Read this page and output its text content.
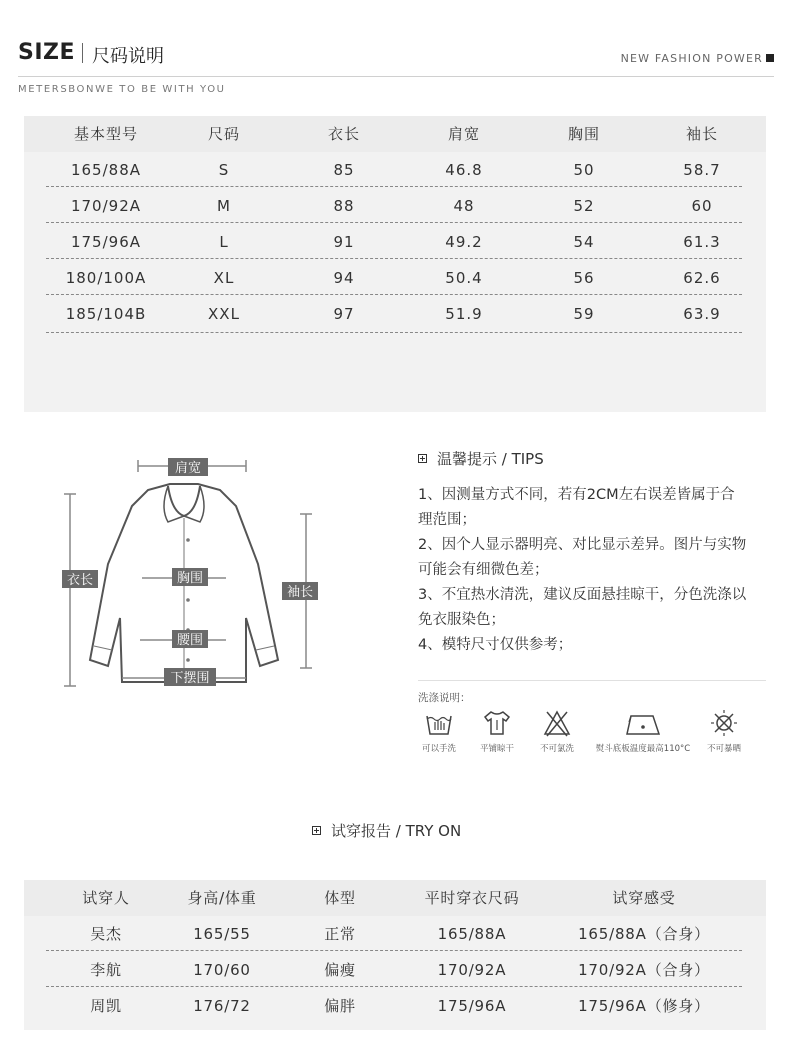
SIZE 尺码说明	NEW FASHION POWER
METERSBONWE TO BE WITH YOU
基本型号	尺码	衣长	肩宽	胸围	袖长
165/88A	S	85	46.8	50	58.7
170/92A	M	88	48	52	60
175/96A	L	91	49.2	54	61.3
180/100A	XL	94	50.4	56	62.6
185/104B	XXL	97	51.9	59	63.9
肩宽
衣长	胸围
袖长
腰围
下摆围
温馨提示 / TIPS
1、因测量方式不同，若有2CM左右误差皆属于合理范围；
2、因个人显示器明亮、对比显示差异。图片与实物可能会有细微色差；
3、不宜热水清洗，建议反面悬挂晾干，分色洗涤以免衣服染色；
4、模特尺寸仅供参考；
洗涤说明：
可以手洗	平铺晾干	不可氯洗	熨斗底板温度最高110°C	不可暴晒
试穿报告 / TRY ON
试穿人	身高/体重	体型	平时穿衣尺码	试穿感受
吴杰	165/55	正常	165/88A	165/88A（合身）
李航	170/60	偏瘦	170/92A	170/92A（合身）
周凯	176/72	偏胖	175/96A	175/96A（修身）
